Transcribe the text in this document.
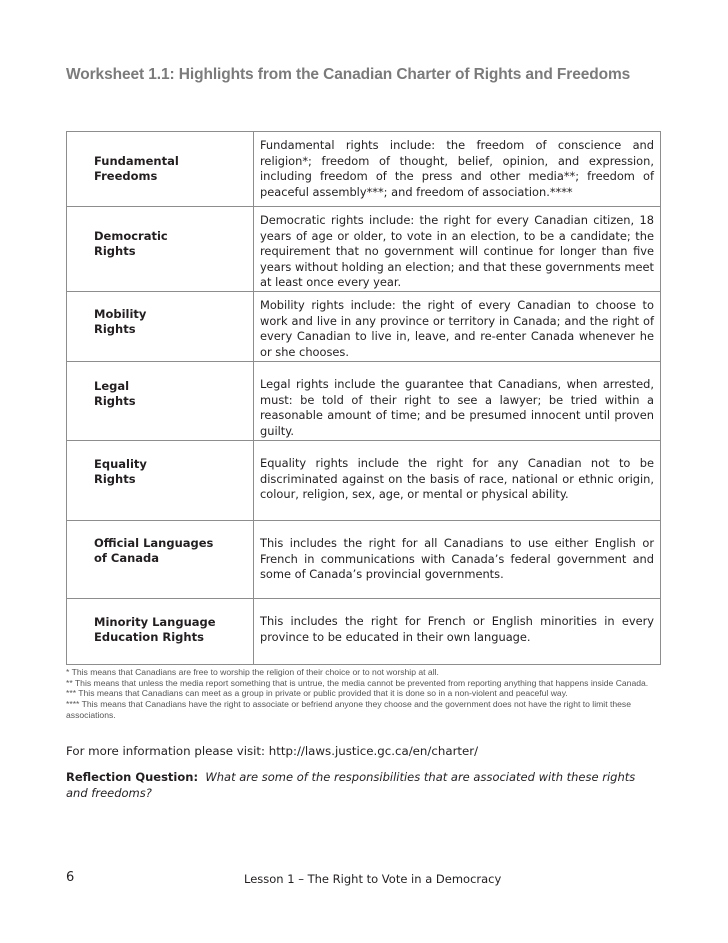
Worksheet 1.1: Highlights from the Canadian Charter of Rights and Freedoms
Fundamental
Freedoms	Fundamental rights include: the freedom of conscience and religion*; freedom of thought, belief, opinion, and expression, including freedom of the press and other media**; freedom of peaceful assembly***; and freedom of association.****

Democratic
Rights	Democratic rights include: the right for every Canadian citizen, 18 years of age or older, to vote in an election, to be a candidate; the requirement that no government will continue for longer than five years without holding an election; and that these governments meet at least once every year.

Mobility
Rights	Mobility rights include: the right of every Canadian to choose to work and live in any province or territory in Canada; and the right of every Canadian to live in, leave, and re-enter Canada whenever he or she chooses.

Legal
Rights	Legal rights include the guarantee that Canadians, when arrested, must: be told of their right to see a lawyer; be tried within a reasonable amount of time; and be presumed innocent until proven guilty.

Equality
Rights	Equality rights include the right for any Canadian not to be discriminated against on the basis of race, national or ethnic origin, colour, religion, sex, age, or mental or physical ability.

Official Languages
of Canada	This includes the right for all Canadians to use either English or French in communications with Canada’s federal government and some of Canada’s provincial governments.

Minority Language
Education Rights	This includes the right for French or English minorities in every province to be educated in their own language.

* This means that Canadians are free to worship the religion of their choice or to not worship at all.

** This means that unless the media report something that is untrue, the media cannot be prevented from reporting anything that happens inside Canada.

*** This means that Canadians can meet as a group in private or public provided that it is done so in a non-violent and peaceful way.

**** This means that Canadians have the right to associate or befriend anyone they choose and the government does not have the right to limit these associations.

For more information please visit: http://laws.justice.gc.ca/en/charter/
Reflection Question: What are some of the responsibilities that are associated with these rights and freedoms?
6	Lesson 1 – The Right to Vote in a Democracy
